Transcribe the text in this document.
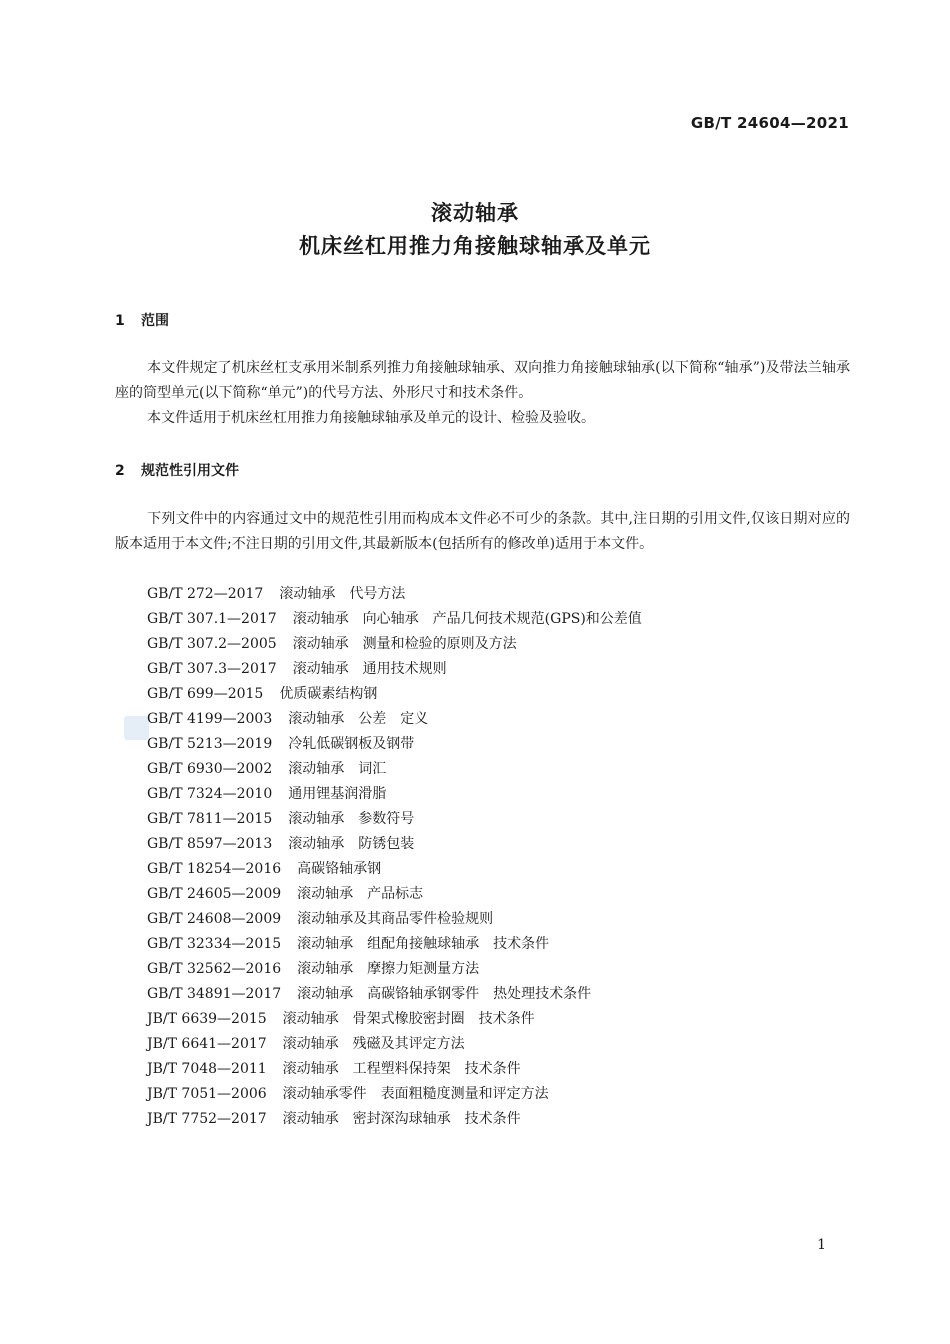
GB/T 24604—2021
滚动轴承
机床丝杠用推力角接触球轴承及单元
1 范围

本文件规定了机床丝杠支承用米制系列推力角接触球轴承、双向推力角接触球轴承(以下简称“轴承”)及带法兰轴承座的筒型单元(以下简称“单元”)的代号方法、外形尺寸和技术条件。

本文件适用于机床丝杠用推力角接触球轴承及单元的设计、检验及验收。

2 规范性引用文件

下列文件中的内容通过文中的规范性引用而构成本文件必不可少的条款。其中,注日期的引用文件,仅该日期对应的版本适用于本文件;不注日期的引用文件,其最新版本(包括所有的修改单)适用于本文件。

GB/T 272—2017 滚动轴承　代号方法
GB/T 307.1—2017 滚动轴承　向心轴承　产品几何技术规范(GPS)和公差值
GB/T 307.2—2005 滚动轴承　测量和检验的原则及方法
GB/T 307.3—2017 滚动轴承　通用技术规则
GB/T 699—2015 优质碳素结构钢
GB/T 4199—2003 滚动轴承　公差　定义
GB/T 5213—2019 冷轧低碳钢板及钢带
GB/T 6930—2002 滚动轴承　词汇
GB/T 7324—2010 通用锂基润滑脂
GB/T 7811—2015 滚动轴承　参数符号
GB/T 8597—2013 滚动轴承　防锈包装
GB/T 18254—2016 高碳铬轴承钢
GB/T 24605—2009 滚动轴承　产品标志
GB/T 24608—2009 滚动轴承及其商品零件检验规则
GB/T 32334—2015 滚动轴承　组配角接触球轴承　技术条件
GB/T 32562—2016 滚动轴承　摩擦力矩测量方法
GB/T 34891—2017 滚动轴承　高碳铬轴承钢零件　热处理技术条件
JB/T 6639—2015 滚动轴承　骨架式橡胶密封圈　技术条件
JB/T 6641—2017 滚动轴承　残磁及其评定方法
JB/T 7048—2011 滚动轴承　工程塑料保持架　技术条件
JB/T 7051—2006 滚动轴承零件　表面粗糙度测量和评定方法
JB/T 7752—2017 滚动轴承　密封深沟球轴承　技术条件
1
